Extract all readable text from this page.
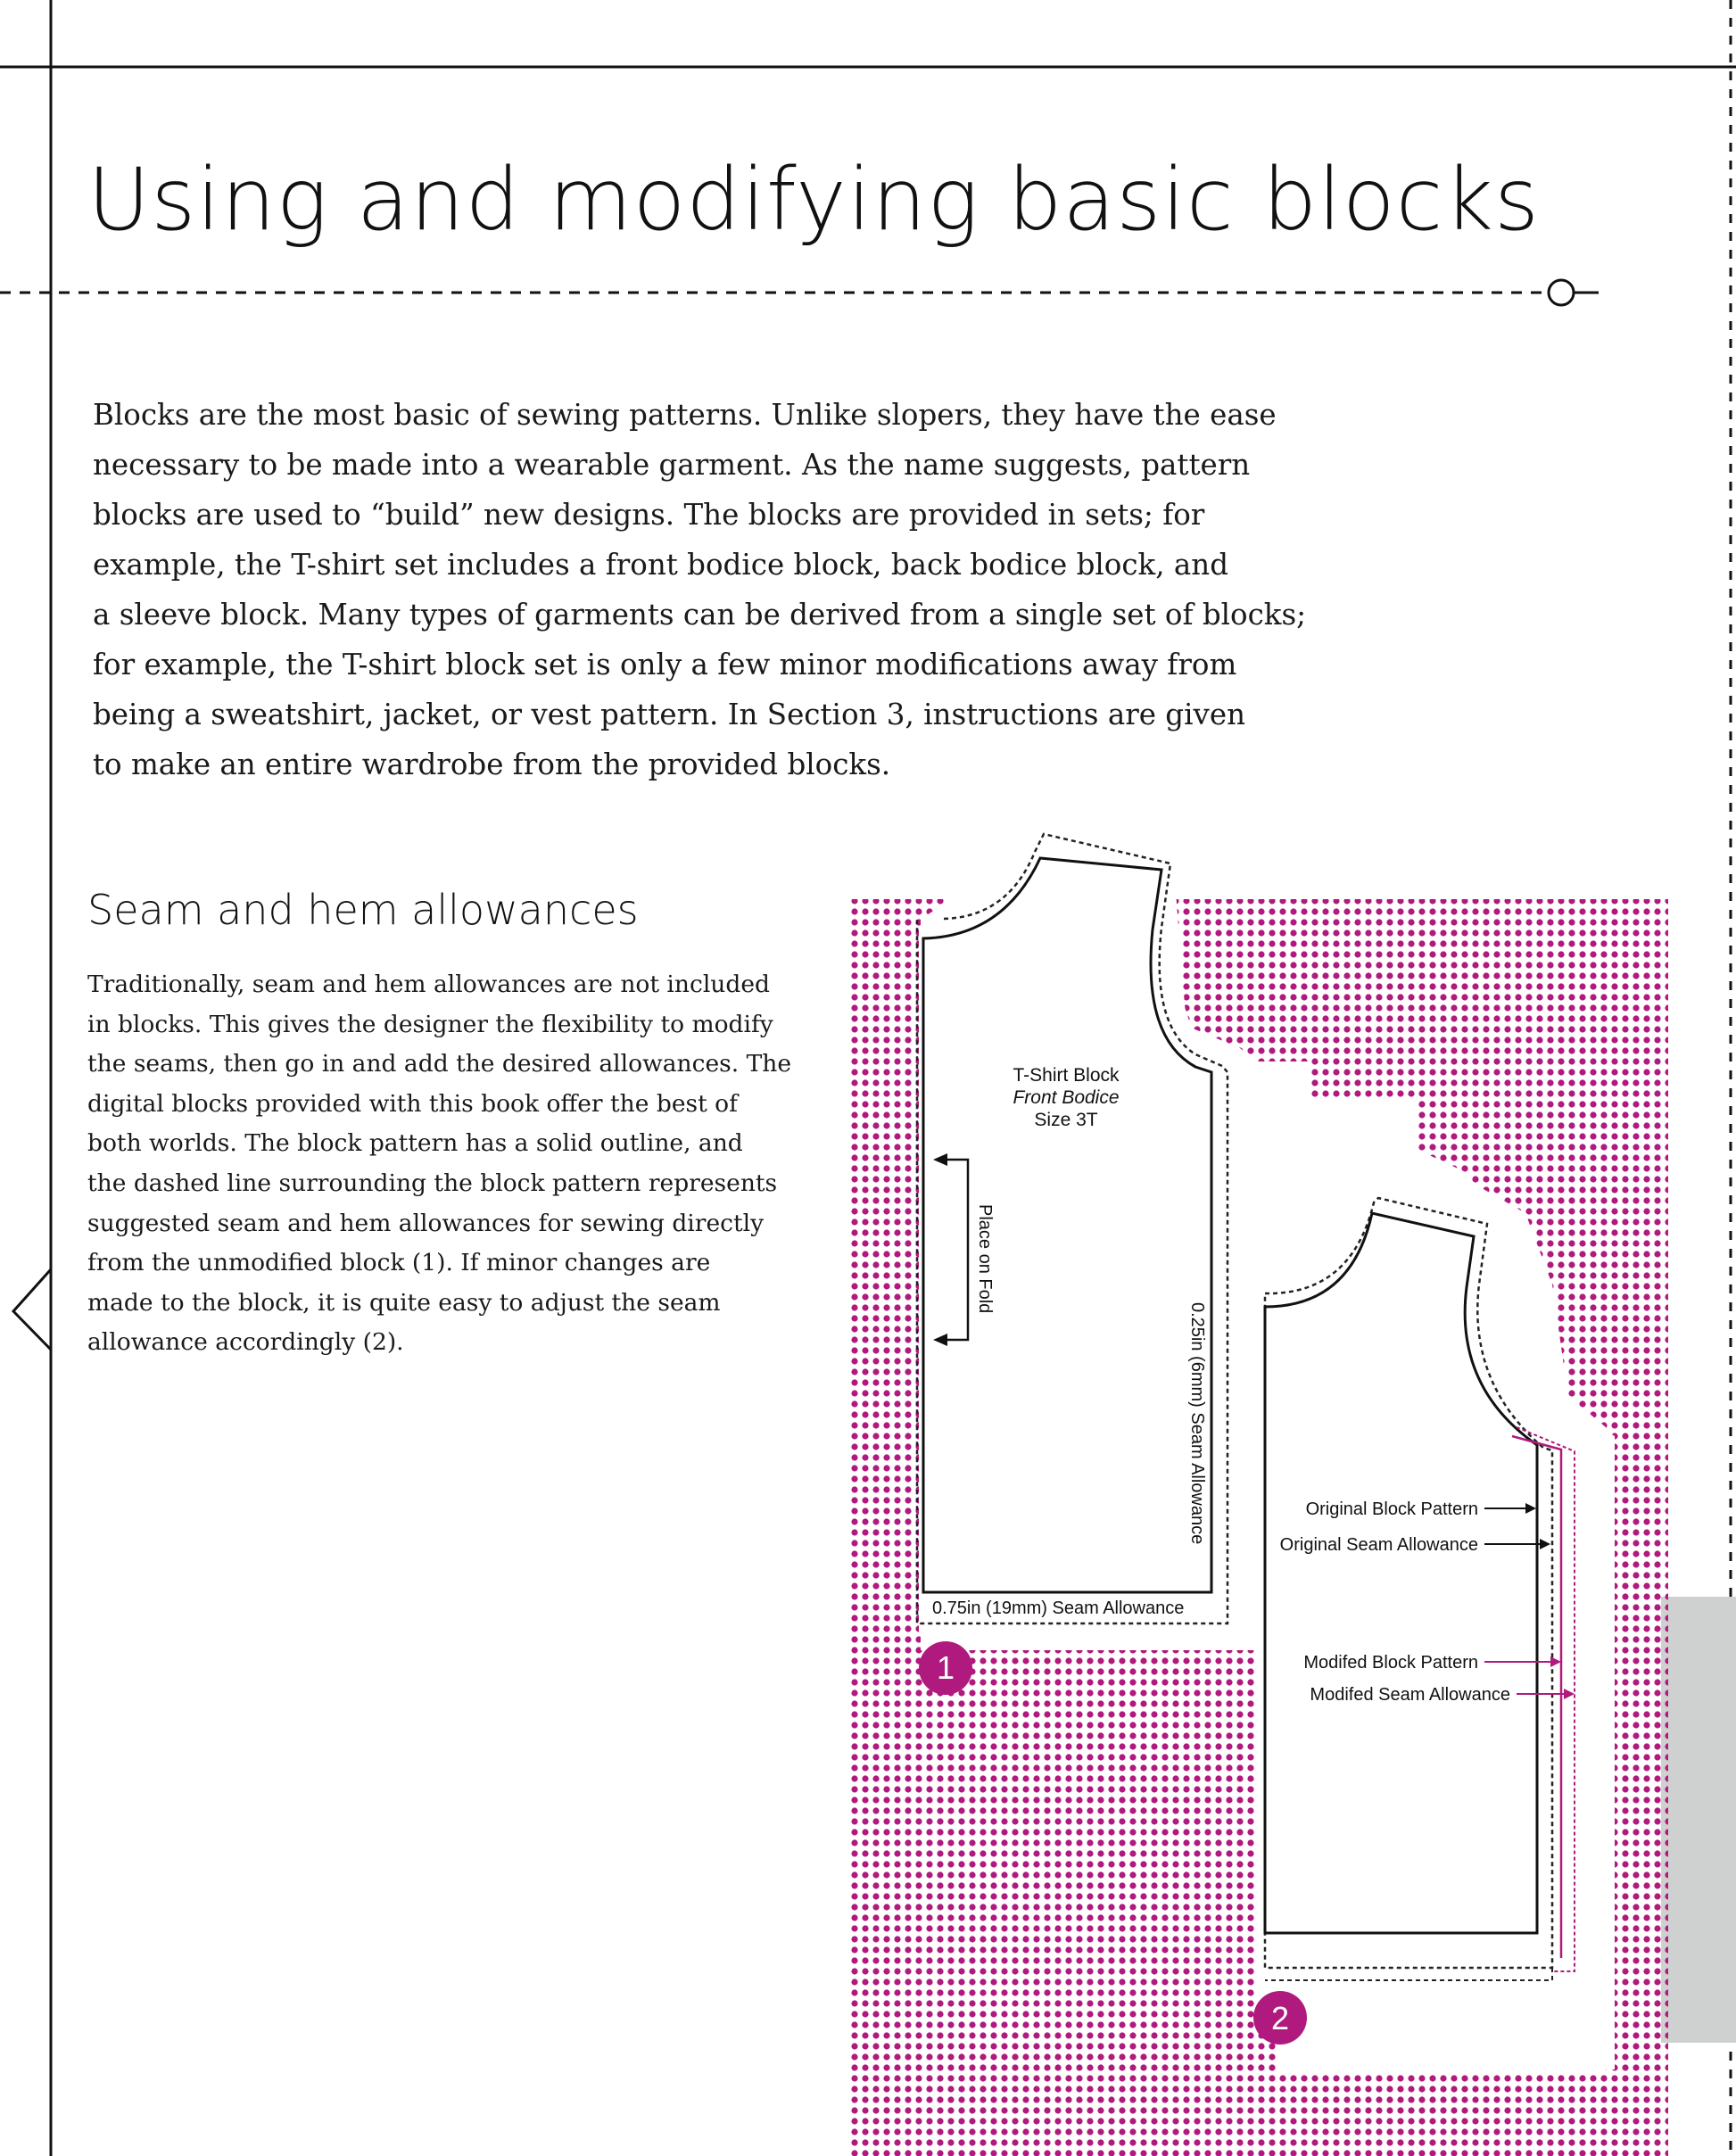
Using and modifying basic blocks

Blocks are the most basic of sewing patterns. Unlike slopers, they have the ease

necessary to be made into a wearable garment. As the name suggests, pattern

blocks are used to “build” new designs. The blocks are provided in sets; for

example, the T-shirt set includes a front bodice block, back bodice block, and

a sleeve block. Many types of garments can be derived from a single set of blocks;

for example, the T-shirt block set is only a few minor modifications away from

being a sweatshirt, jacket, or vest pattern. In Section 3, instructions are given

to make an entire wardrobe from the provided blocks.

Seam and hem allowances

Traditionally, seam and hem allowances are not included

in blocks. This gives the designer the flexibility to modify

the seams, then go in and add the desired allowances. The

digital blocks provided with this book offer the best of

both worlds. The block pattern has a solid outline, and

the dashed line surrounding the block pattern represents

suggested seam and hem allowances for sewing directly

from the unmodified block (1). If minor changes are

made to the block, it is quite easy to adjust the seam

allowance accordingly (2).

Place on Fold
T-Shirt Block
Front Bodice
Size 3T
0.25in (6mm) Seam Allowance
0.75in (19mm) Seam Allowance
1
Original Block Pattern
Original Seam Allowance
Modifed Block Pattern
Modifed Seam Allowance
2
